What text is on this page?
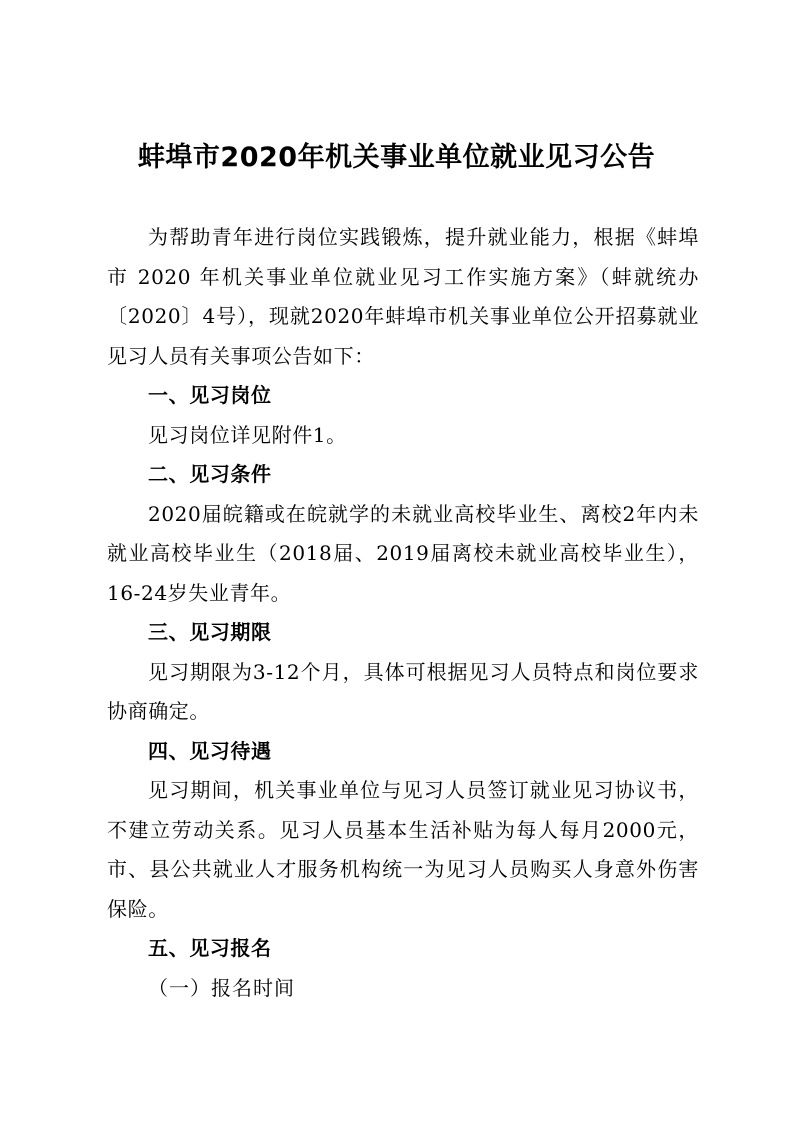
蚌埠市2020年机关事业单位就业见习公告

为帮助青年进行岗位实践锻炼，提升就业能力，根据《蚌埠市 2020 年机关事业单位就业见习工作实施方案》（蚌就统办〔2020〕4号），现就2020年蚌埠市机关事业单位公开招募就业见习人员有关事项公告如下：

一、见习岗位

见习岗位详见附件1。

二、见习条件

2020届皖籍或在皖就学的未就业高校毕业生、离校2年内未就业高校毕业生（2018届、2019届离校未就业高校毕业生），16-24岁失业青年。

三、见习期限

见习期限为3-12个月，具体可根据见习人员特点和岗位要求协商确定。

四、见习待遇

见习期间，机关事业单位与见习人员签订就业见习协议书，不建立劳动关系。见习人员基本生活补贴为每人每月2000元，市、县公共就业人才服务机构统一为见习人员购买人身意外伤害保险。

五、见习报名

（一）报名时间
